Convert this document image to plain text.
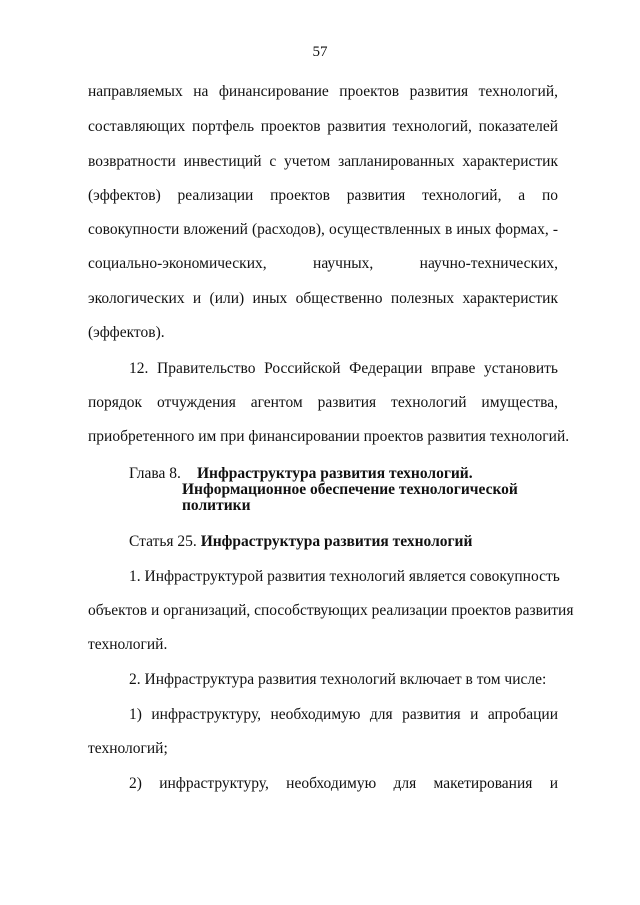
57
направляемых на финансирование проектов развития технологий,
составляющих портфель проектов развития технологий, показателей
возвратности инвестиций с учетом запланированных характеристик
(эффектов) реализации проектов развития технологий, а по
совокупности вложений (расходов), осуществленных в иных формах, -
социально-экономических, научных, научно-технических,
экологических и (или) иных общественно полезных характеристик
(эффектов).
12. Правительство Российской Федерации вправе установить
порядок отчуждения агентом развития технологий имущества,
приобретенного им при финансировании проектов развития технологий.
Глава 8. Инфраструктура развития технологий.
Информационное обеспечение технологической
политики
Статья 25. Инфраструктура развития технологий
1. Инфраструктурой развития технологий является совокупность
объектов и организаций, способствующих реализации проектов развития
технологий.
2. Инфраструктура развития технологий включает в том числе:
1) инфраструктуру, необходимую для развития и апробации
технологий;
2) инфраструктуру, необходимую для макетирования и
